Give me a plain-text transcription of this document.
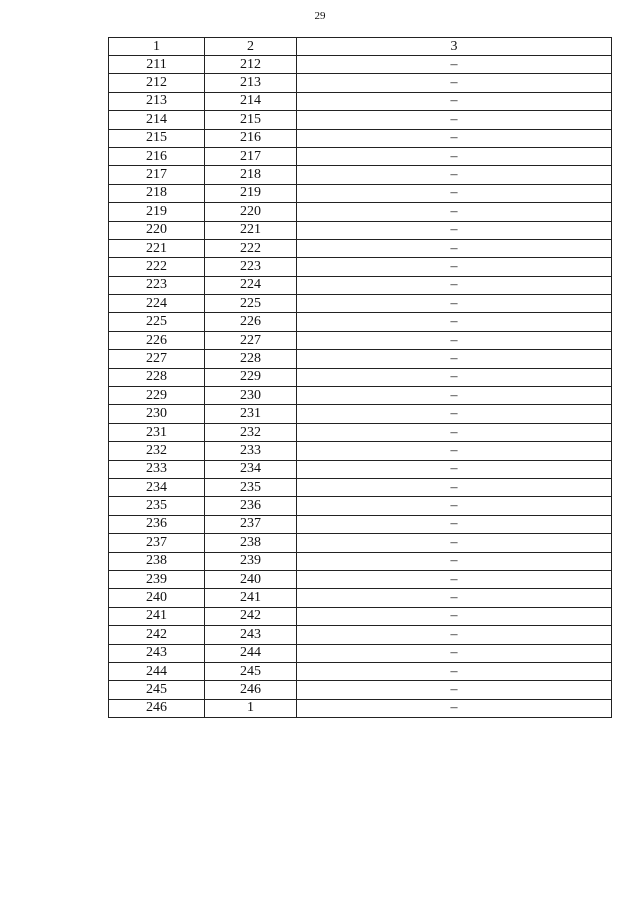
29
1	2	3
211	212	–
212	213	–
213	214	–
214	215	–
215	216	–
216	217	–
217	218	–
218	219	–
219	220	–
220	221	–
221	222	–
222	223	–
223	224	–
224	225	–
225	226	–
226	227	–
227	228	–
228	229	–
229	230	–
230	231	–
231	232	–
232	233	–
233	234	–
234	235	–
235	236	–
236	237	–
237	238	–
238	239	–
239	240	–
240	241	–
241	242	–
242	243	–
243	244	–
244	245	–
245	246	–
246	1	–
